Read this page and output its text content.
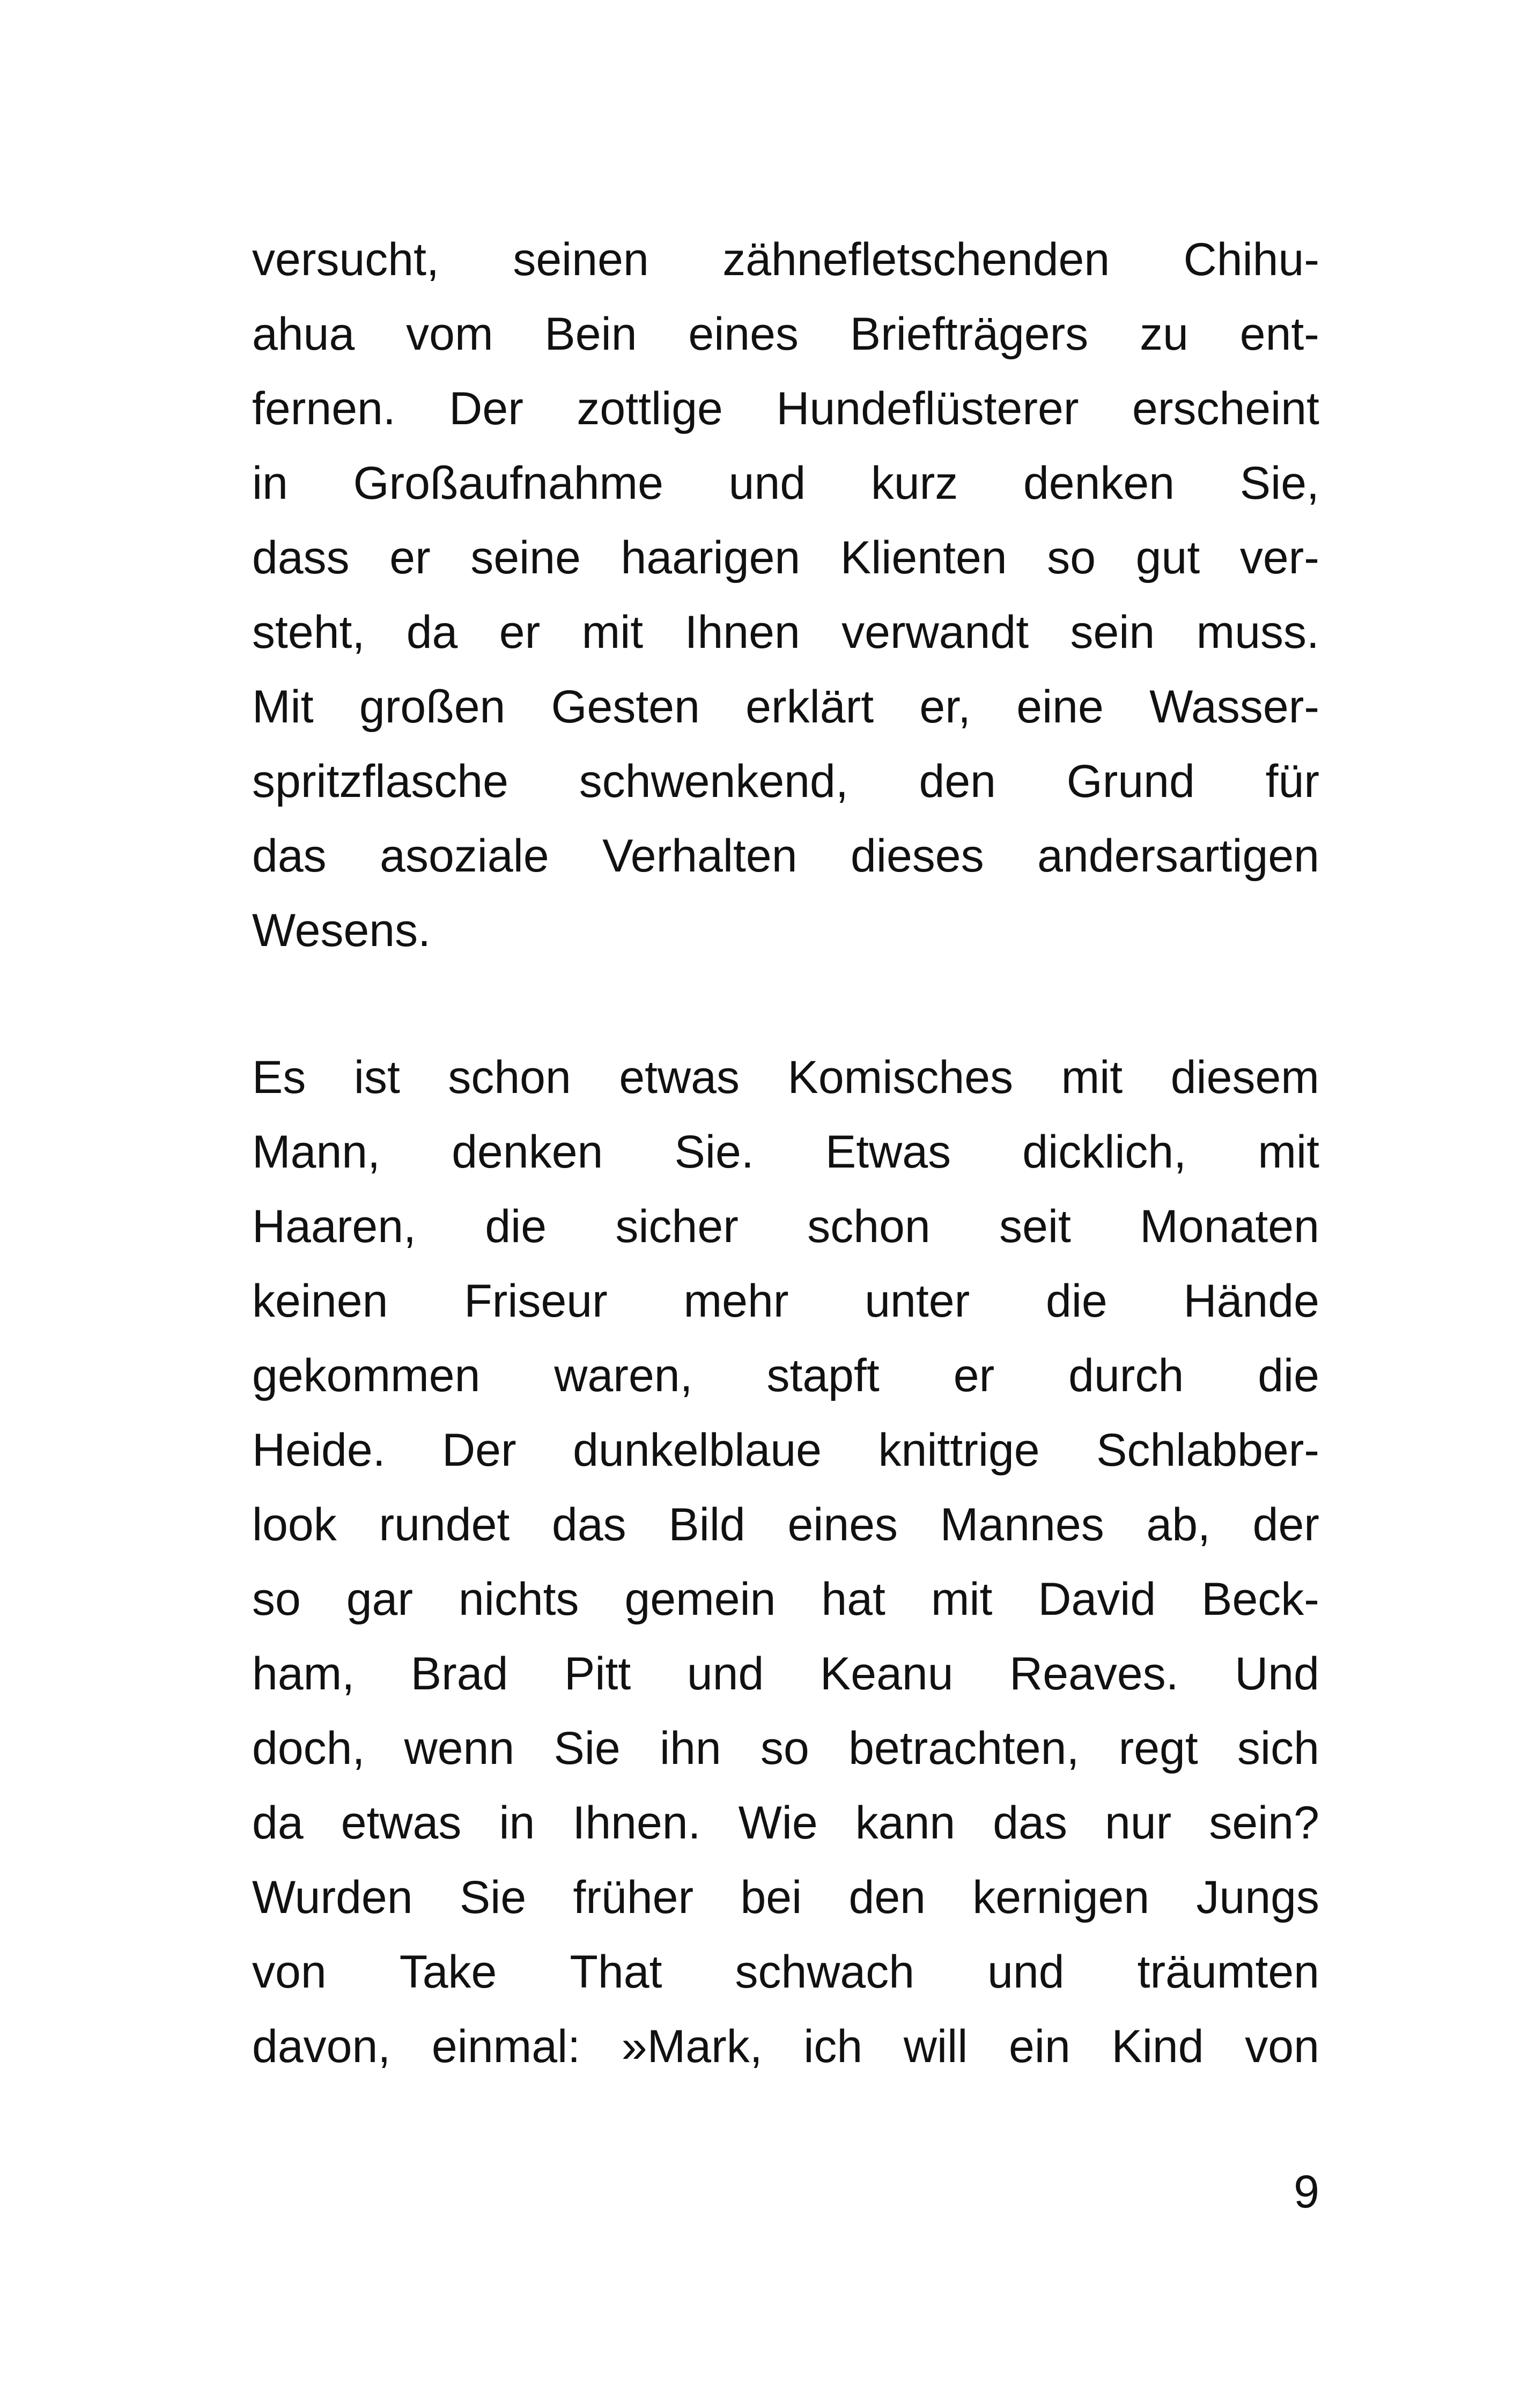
versucht, seinen zähnefletschenden Chihu-
ahua vom Bein eines Briefträgers zu ent-
fernen. Der zottlige Hundeflüsterer erscheint
in Großaufnahme und kurz denken Sie,
dass er seine haarigen Klienten so gut ver-
steht, da er mit Ihnen verwandt sein muss.
Mit großen Gesten erklärt er, eine Wasser-
spritzflasche schwenkend, den Grund für
das asoziale Verhalten dieses andersartigen
Wesens.
Es ist schon etwas Komisches mit diesem
Mann, denken Sie. Etwas dicklich, mit
Haaren, die sicher schon seit Monaten
keinen Friseur mehr unter die Hände
gekommen waren, stapft er durch die
Heide. Der dunkelblaue knittrige Schlabber-
look rundet das Bild eines Mannes ab, der
so gar nichts gemein hat mit David Beck-
ham, Brad Pitt und Keanu Reaves. Und
doch, wenn Sie ihn so betrachten, regt sich
da etwas in Ihnen. Wie kann das nur sein?
Wurden Sie früher bei den kernigen Jungs
von Take That schwach und träumten
davon, einmal: »Mark, ich will ein Kind von
9
